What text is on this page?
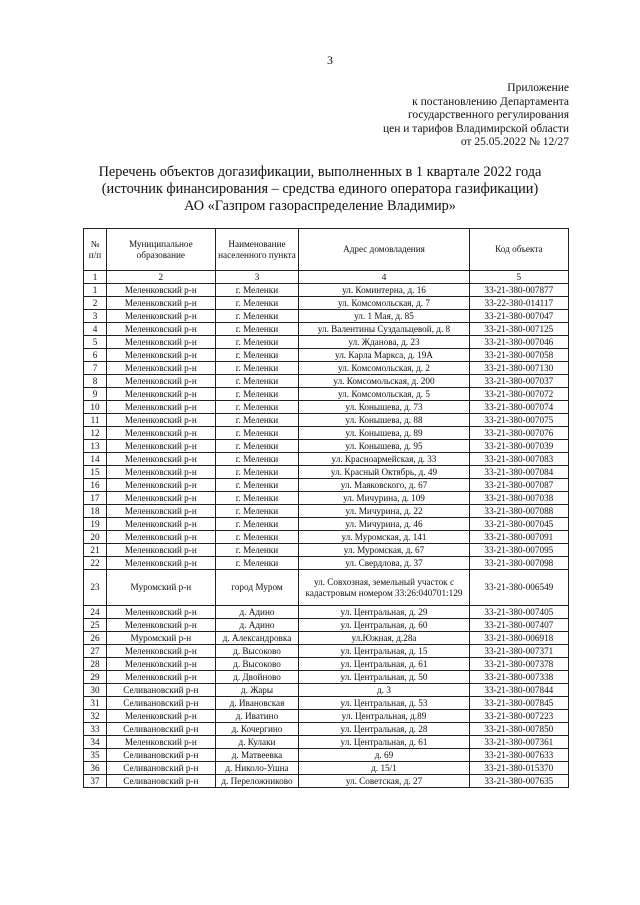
3
Приложение
к постановлению Департамента
государственного регулирования
цен и тарифов Владимирской области
от 25.05.2022 № 12/27
Перечень объектов догазификации, выполненных в 1 квартале 2022 года
(источник финансирования – средства единого оператора газификации)
АО «Газпром газораспределение Владимир»
№ п/п	Муниципальное образование	Наименование населенного пункта	Адрес домовладения	Код объекта
1	2	3	4	5
1	Меленковский р-н	г. Меленки	ул. Коминтерна, д. 16	33-21-380-007877
2	Меленковский р-н	г. Меленки	ул. Комсомольская, д. 7	33-22-380-014117
3	Меленковский р-н	г. Меленки	ул. 1 Мая, д. 85	33-21-380-007047
4	Меленковский р-н	г. Меленки	ул. Валентины Суздальцевой, д. 8	33-21-380-007125
5	Меленковский р-н	г. Меленки	ул. Жданова, д. 23	33-21-380-007046
6	Меленковский р-н	г. Меленки	ул. Карла Маркса, д. 19А	33-21-380-007058
7	Меленковский р-н	г. Меленки	ул. Комсомольская, д. 2	33-21-380-007130
8	Меленковский р-н	г. Меленки	ул. Комсомольская, д. 200	33-21-380-007037
9	Меленковский р-н	г. Меленки	ул. Комсомольская, д. 5	33-21-380-007072
10	Меленковский р-н	г. Меленки	ул. Конышева, д. 73	33-21-380-007074
11	Меленковский р-н	г. Меленки	ул. Конышева, д. 88	33-21-380-007075
12	Меленковский р-н	г. Меленки	ул. Конышева, д. 89	33-21-380-007076
13	Меленковский р-н	г. Меленки	ул. Конышева, д. 95	33-21-380-007039
14	Меленковский р-н	г. Меленки	ул. Красноармейская, д. 33	33-21-380-007083
15	Меленковский р-н	г. Меленки	ул. Красный Октябрь, д. 49	33-21-380-007084
16	Меленковский р-н	г. Меленки	ул. Маяковского, д. 67	33-21-380-007087
17	Меленковский р-н	г. Меленки	ул. Мичурина, д. 109	33-21-380-007038
18	Меленковский р-н	г. Меленки	ул. Мичурина, д. 22	33-21-380-007088
19	Меленковский р-н	г. Меленки	ул. Мичурина, д. 46	33-21-380-007045
20	Меленковский р-н	г. Меленки	ул. Муромская, д. 141	33-21-380-007091
21	Меленковский р-н	г. Меленки	ул. Муромская, д. 67	33-21-380-007095
22	Меленковский р-н	г. Меленки	ул. Свердлова, д. 37	33-21-380-007098
23	Муромский р-н	город Муром	ул. Совхозная, земельный участок с кадастровым номером 33:26:040701:129	33-21-380-006549
24	Меленковский р-н	д. Адино	ул. Центральная, д. 29	33-21-380-007405
25	Меленковский р-н	д. Адино	ул. Центральная, д. 60	33-21-380-007407
26	Муромский р-н	д. Александровка	ул.Южная, д.28а	33-21-380-006918
27	Меленковский р-н	д. Высоково	ул. Центральная, д. 15	33-21-380-007371
28	Меленковский р-н	д. Высоково	ул. Центральная, д. 61	33-21-380-007378
29	Меленковский р-н	д. Двойново	ул. Центральная, д. 50	33-21-380-007338
30	Селивановский р-н	д. Жары	д. 3	33-21-380-007844
31	Селивановский р-н	д. Ивановская	ул. Центральная, д. 53	33-21-380-007845
32	Меленковский р-н	д. Иватино	ул. Центральная, д.89	33-21-380-007223
33	Селивановский р-н	д. Кочергино	ул. Центральная, д. 28	33-21-380-007850
34	Меленковский р-н	д. Кулаки	ул. Центральная, д. 61	33-21-380-007361
35	Селивановский р-н	д. Матвеевка	д. 69	33-21-380-007633
36	Селивановский р-н	д. Николо-Ушна	д. 15/1	33-21-380-015370
37	Селивановский р-н	д. Переложниково	ул. Советская, д. 27	33-21-380-007635
